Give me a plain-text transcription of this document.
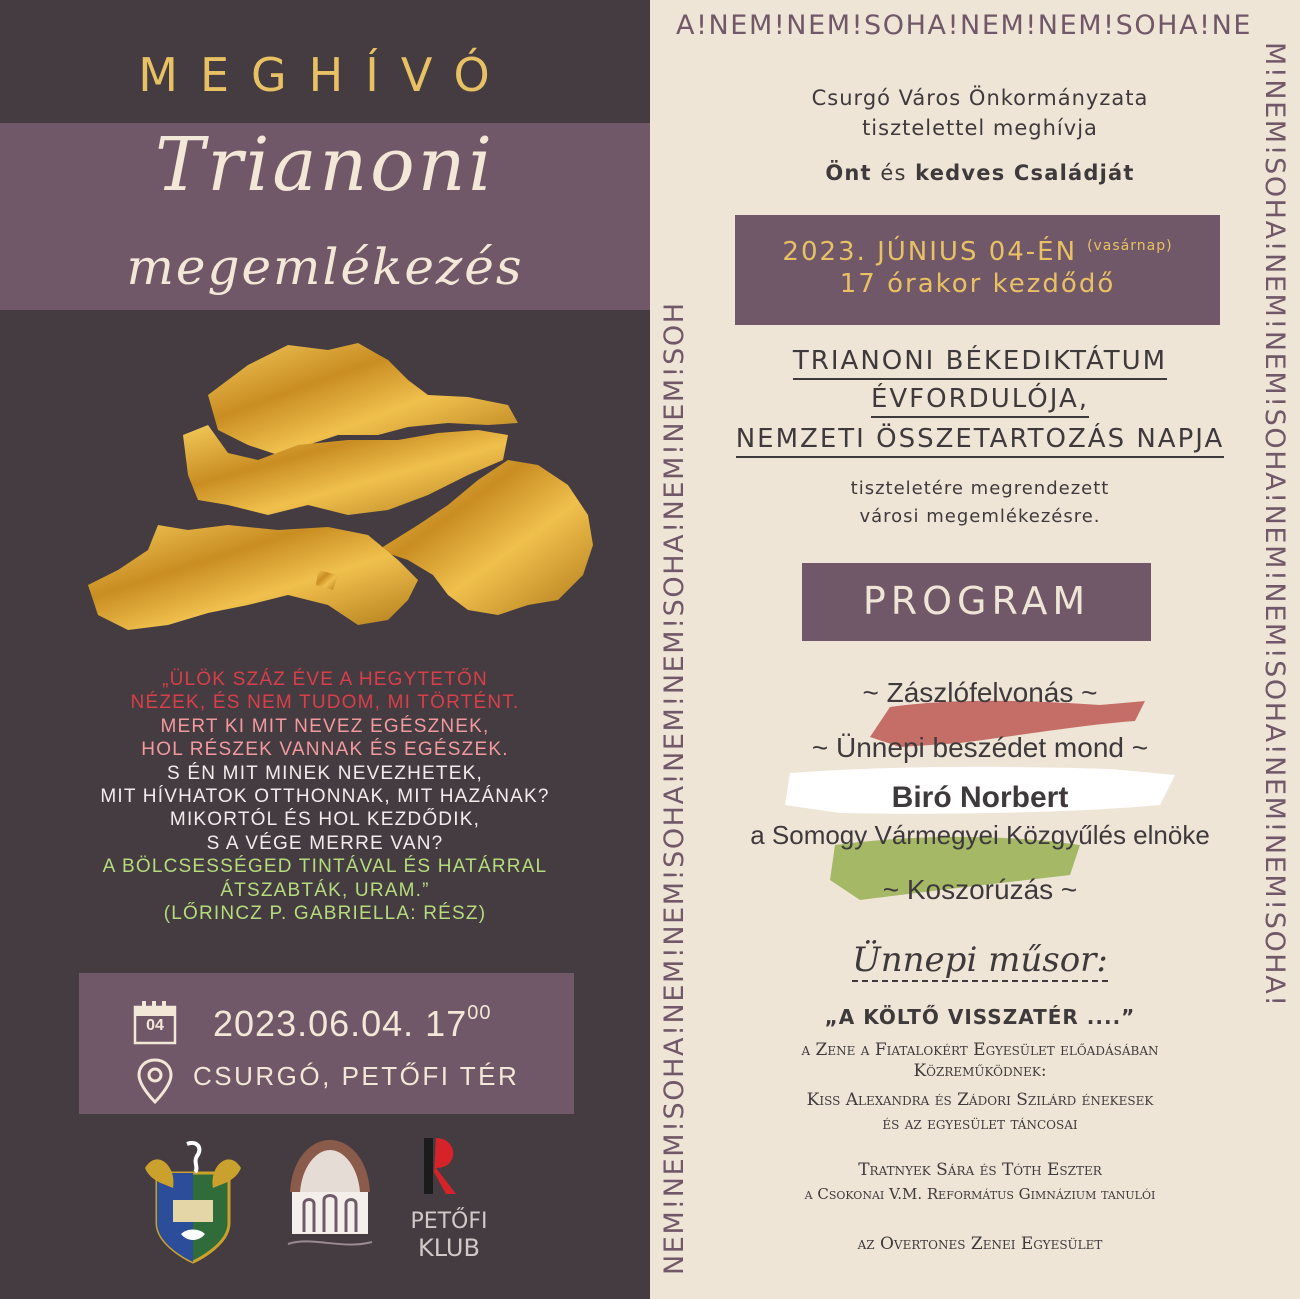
MEGHÍVÓ
Trianoni
megemlékezés
„ÜLÖK SZÁZ ÉVE A HEGYTETŐN
NÉZEK, ÉS NEM TUDOM, MI TÖRTÉNT.
MERT KI MIT NEVEZ EGÉSZNEK,
HOL RÉSZEK VANNAK ÉS EGÉSZEK.
S ÉN MIT MINEK NEVEZHETEK,
MIT HÍVHATOK OTTHONNAK, MIT HAZÁNAK?
MIKORTÓL ÉS HOL KEZDŐDIK,
S A VÉGE MERRE VAN?
A BÖLCSESSÉGED TINTÁVAL ÉS HATÁRRAL
ÁTSZABTÁK, URAM.”
(LŐRINCZ P. GABRIELLA: RÉSZ)
04 2023.06.04. $17^{00}$
CSURGÓ, PETŐFI TÉR
PETŐFI
KLUB
A!NEM!NEM!SOHA!NEM!NEM!SOHA!NE
NEM!NEM!SOHA!NEM!NEM!SOHA!NEM!NEM!SOHA!NEM!NEM!SOH	M!NEM!SOHA!NEM!NEM!SOHA!NEM!NEM!SOHA!NEM!NEM!SOHA!
Csurgó Város Önkormányzata
tisztelettel meghívja
Önt és kedves Családját
2023. JÚNIUS 04-ÉN $^{(vasárnap)}$
17 órakor kezdődő
TRIANONI BÉKEDIKTÁTUM
ÉVFORDULÓJA,
NEMZETI ÖSSZETARTOZÁS NAPJA
tiszteletére megrendezett
városi megemlékezésre.
PROGRAM
~ Zászlófelvonás ~
~ Ünnepi beszédet mond ~
Biró Norbert
a Somogy Vármegyei Közgyűlés elnöke
~ Koszorúzás ~
Ünnepi műsor:
„A KÖLTŐ VISSZATÉR ....”
a Zene a Fiatalokért Egyesület előadásában
Közreműködnek:
Kiss Alexandra és Zádori Szilárd énekesek
és az egyesület táncosai
Tratnyek Sára és Tóth Eszter
a Csokonai V.M. Református Gimnázium tanulói
az Overtones Zenei Egyesület
